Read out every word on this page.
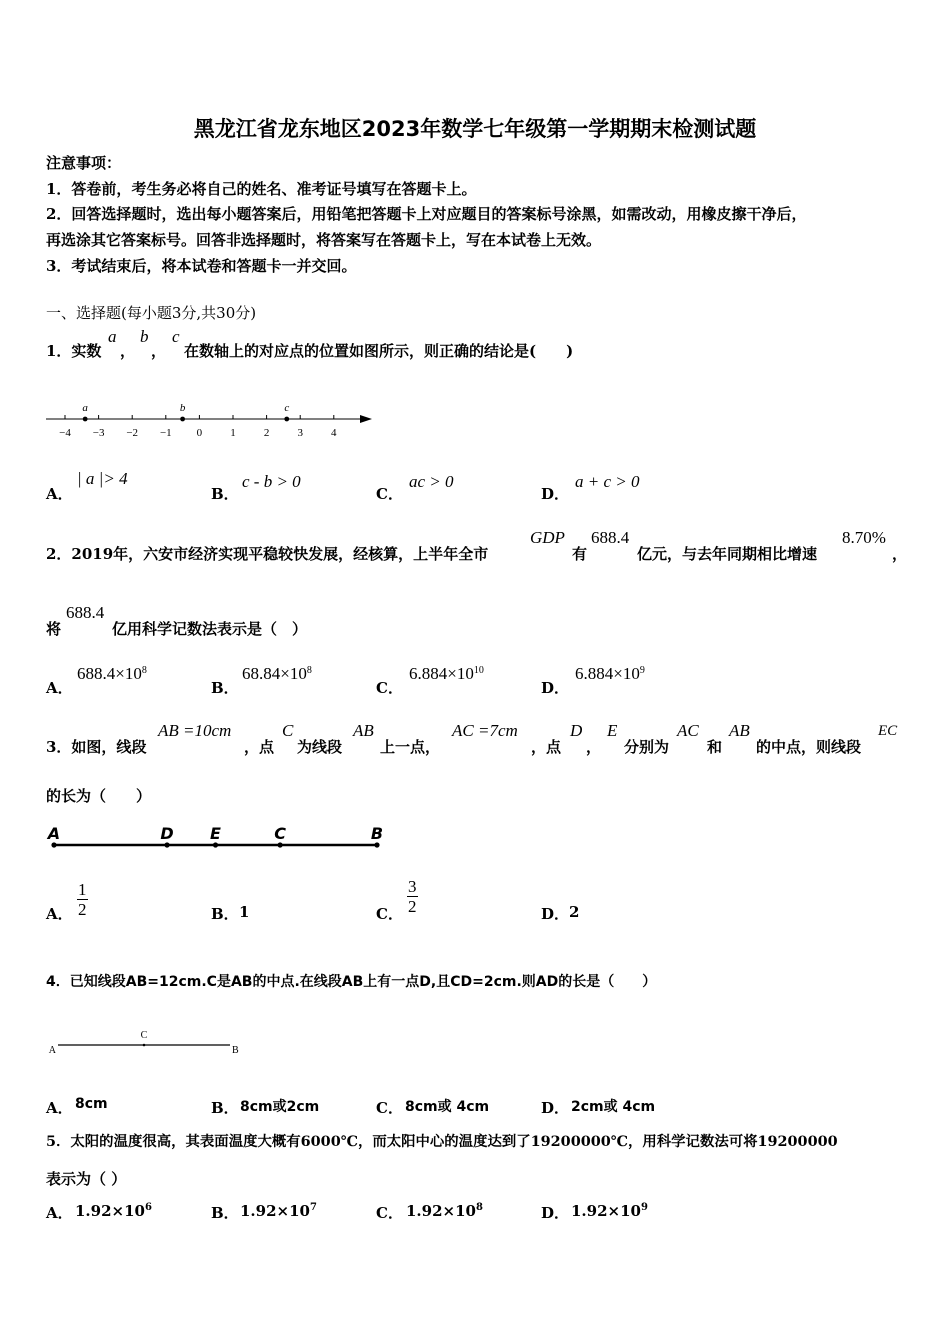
黑龙江省龙东地区2023年数学七年级第一学期期末检测试题
注意事项：
1．答卷前，考生务必将自己的姓名、准考证号填写在答题卡上。
2．回答选择题时，选出每小题答案后，用铅笔把答题卡上对应题目的答案标号涂黑，如需改动，用橡皮擦干净后，
再选涂其它答案标号。回答非选择题时，将答案写在答题卡上，写在本试卷上无效。
3．考试结束后，将本试卷和答题卡一并交回。
一、选择题(每小题3分,共30分)
1．实数
a
，
b
，
c
在数轴上的对应点的位置如图所示，则正确的结论是(　　)
−4 −3 −2 −1 0	1	2	3	4
a	b	c
A．
| a |> 4
B．
c - b > 0
C．
ac > 0
D．
a + c > 0
2．2019年，六安市经济实现平稳较快发展，经核算，上半年全市
GDP
有
688.4
亿元，与去年同期相比增速
8.70%
，
将
688.4
亿用科学记数法表示是（　）
A．
$688.4\times 10^8$
B．
$68.84\times 10^8$
C．
$6.884\times 10^{10}$
D．
$6.884\times 10^9$
3．如图，线段
AB =10cm
，点
C
为线段
AB
上一点，
AC =7cm
，点
D
，
E
分别为
AC
和
AB
的中点，则线段
EC
的长为（　　）
A	D E	C	B
A． $\frac{1}{2}$	B． 1	C． $\frac{3}{2}$	D． 2
4．已知线段AB=12cm.C是AB的中点.在线段AB上有一点D,且CD=2cm.则AD的长是（　　）
A
C
B
A． 8cm	B． 8cm或2cm	C． 8cm或 4cm	D． 2cm或 4cm
5．太阳的温度很高，其表面温度大概有6000℃，而太阳中心的温度达到了19200000℃，用科学记数法可将19200000
表示为（ ）
A． $1.92\times 10^6$	B． $1.92\times 10^7$	C． $1.92\times 10^8$	D． $1.92\times 10^9$
